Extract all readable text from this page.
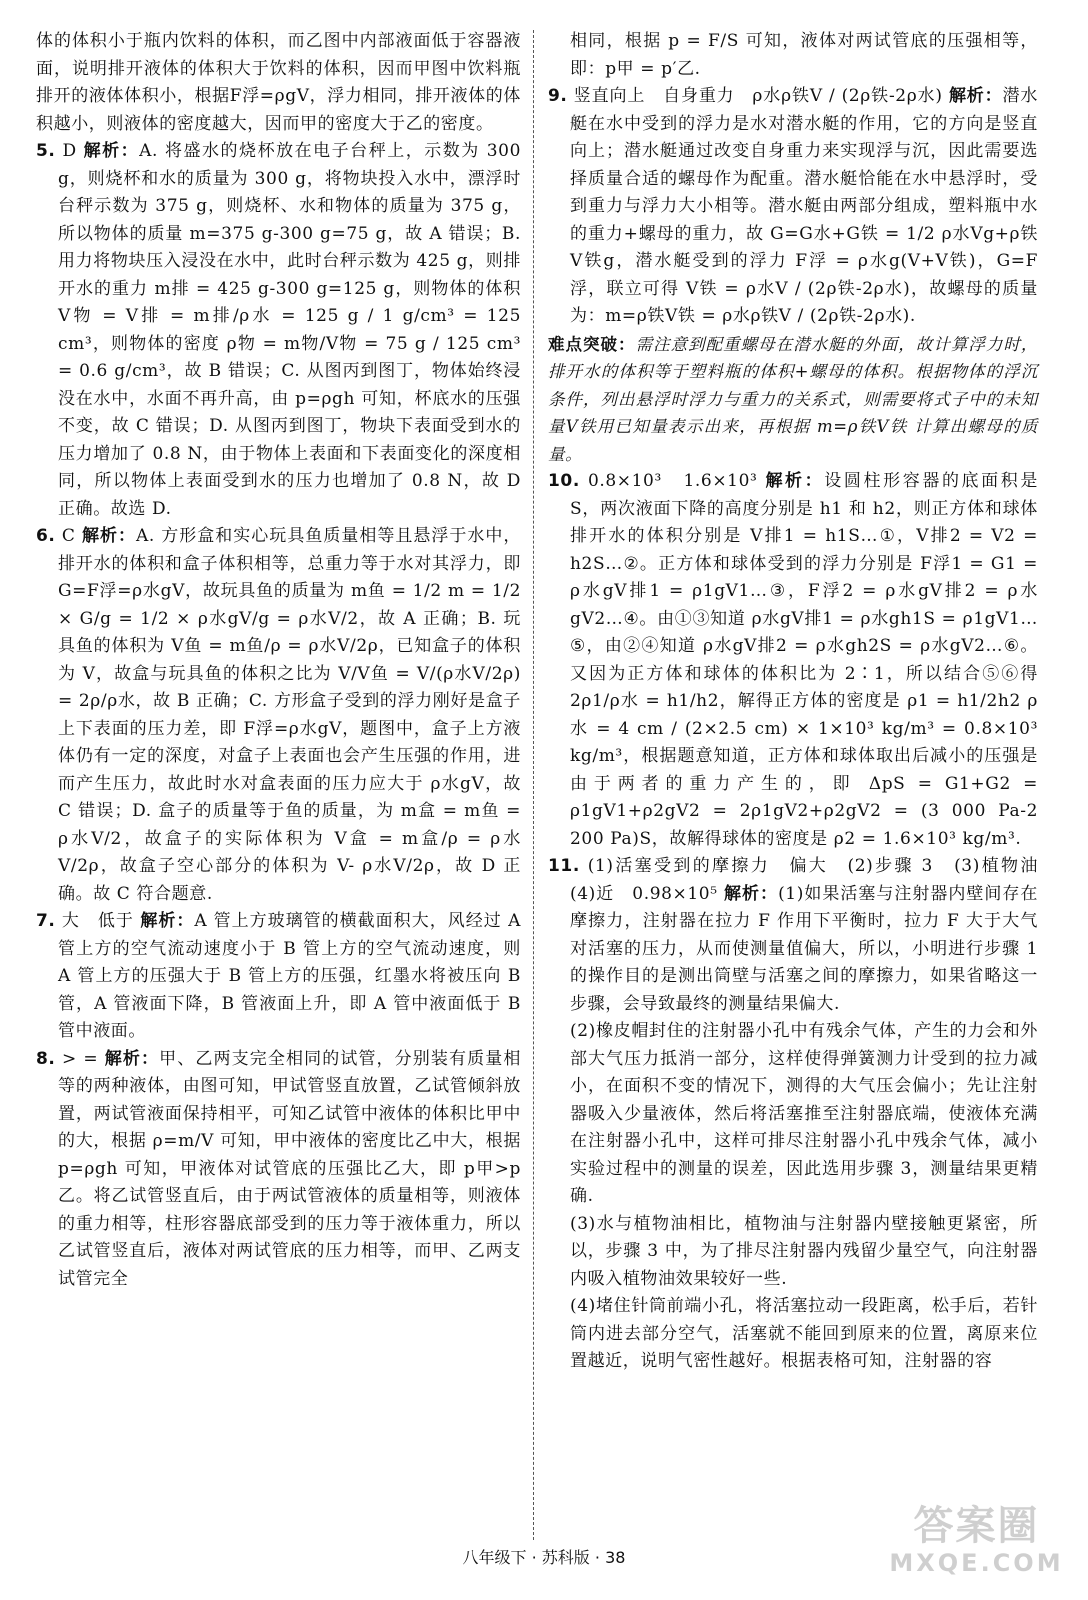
体的体积小于瓶内饮料的体积，而乙图中内部液面低于容器液面，说明排开液体的体积大于饮料的体积，因而甲图中饮料瓶排开的液体体积小，根据F浮=ρgV，浮力相同，排开液体的体积越小，则液体的密度越大，因而甲的密度大于乙的密度。

5. D 解析：A. 将盛水的烧杯放在电子台秤上，示数为 300 g，则烧杯和水的质量为 300 g，将物块投入水中，漂浮时台秤示数为 375 g，则烧杯、水和物体的质量为 375 g，所以物体的质量 m=375 g-300 g=75 g，故 A 错误；B. 用力将物块压入浸没在水中，此时台秤示数为 425 g，则排开水的重力 m排 = 425 g-300 g=125 g，则物体的体积 V物 = V排 = m排/ρ水 = 125 g / 1 g/cm³ = 125 cm³，则物体的密度 ρ物 = m物/V物 = 75 g / 125 cm³ = 0.6 g/cm³，故 B 错误；C. 从图丙到图丁，物体始终浸没在水中，水面不再升高，由 p=ρgh 可知，杯底水的压强不变，故 C 错误；D. 从图丙到图丁，物块下表面受到水的压力增加了 0.8 N，由于物体上表面和下表面变化的深度相同，所以物体上表面受到水的压力也增加了 0.8 N，故 D 正确。故选 D.

6. C 解析：A. 方形盒和实心玩具鱼质量相等且悬浮于水中，排开水的体积和盒子体积相等，总重力等于水对其浮力，即 G=F浮=ρ水gV，故玩具鱼的质量为 m鱼 = 1/2 m = 1/2 × G/g = 1/2 × ρ水gV/g = ρ水V/2，故 A 正确；B. 玩具鱼的体积为 V鱼 = m鱼/ρ = ρ水V/2ρ，已知盒子的体积为 V，故盒与玩具鱼的体积之比为 V/V鱼 = V/(ρ水V/2ρ) = 2ρ/ρ水，故 B 正确；C. 方形盒子受到的浮力刚好是盒子上下表面的压力差，即 F浮=ρ水gV，题图中，盒子上方液体仍有一定的深度，对盒子上表面也会产生压强的作用，进而产生压力，故此时水对盒表面的压力应大于 ρ水gV，故 C 错误；D. 盒子的质量等于鱼的质量，为 m盒 = m鱼 = ρ水V/2，故盒子的实际体积为 V盒 = m盒/ρ = ρ水V/2ρ，故盒子空心部分的体积为 V- ρ水V/2ρ，故 D 正确。故 C 符合题意.

7. 大　低于 解析：A 管上方玻璃管的横截面积大，风经过 A 管上方的空气流动速度小于 B 管上方的空气流动速度，则 A 管上方的压强大于 B 管上方的压强，红墨水将被压向 B 管，A 管液面下降，B 管液面上升，即 A 管中液面低于 B 管中液面。

8. > = 解析：甲、乙两支完全相同的试管，分别装有质量相等的两种液体，由图可知，甲试管竖直放置，乙试管倾斜放置，两试管液面保持相平，可知乙试管中液体的体积比甲中的大，根据 ρ=m/V 可知，甲中液体的密度比乙中大，根据 p=ρgh 可知，甲液体对试管底的压强比乙大，即 p甲>p乙。将乙试管竖直后，由于两试管液体的质量相等，则液体的重力相等，柱形容器底部受到的压力等于液体重力，所以乙试管竖直后，液体对两试管底的压力相等，而甲、乙两支试管完全

相同，根据 p = F/S 可知，液体对两试管底的压强相等，即：p甲 = p′乙.

9. 竖直向上　自身重力　ρ水ρ铁V / (2ρ铁-2ρ水) 解析：潜水艇在水中受到的浮力是水对潜水艇的作用，它的方向是竖直向上；潜水艇通过改变自身重力来实现浮与沉，因此需要选择质量合适的螺母作为配重。潜水艇恰能在水中悬浮时，受到重力与浮力大小相等。潜水艇由两部分组成，塑料瓶中水的重力+螺母的重力，故 G=G水+G铁 = 1/2 ρ水Vg+ρ铁V铁g，潜水艇受到的浮力 F浮 = ρ水g(V+V铁)，G=F浮，联立可得 V铁 = ρ水V / (2ρ铁-2ρ水)，故螺母的质量为：m=ρ铁V铁 = ρ水ρ铁V / (2ρ铁-2ρ水).

难点突破：需注意到配重螺母在潜水艇的外面，故计算浮力时，排开水的体积等于塑料瓶的体积+螺母的体积。根据物体的浮沉条件，列出悬浮时浮力与重力的关系式，则需要将式子中的未知量V铁用已知量表示出来，再根据 m=ρ铁V铁 计算出螺母的质量。

10. 0.8×10³　1.6×10³ 解析：设圆柱形容器的底面积是 S，两次液面下降的高度分别是 h1 和 h2，则正方体和球体排开水的体积分别是 V排1 = h1S…①，V排2 = V2 = h2S…②。正方体和球体受到的浮力分别是 F浮1 = G1 = ρ水gV排1 = ρ1gV1…③，F浮2 = ρ水gV排2 = ρ水gV2…④。由①③知道 ρ水gV排1 = ρ水gh1S = ρ1gV1…⑤，由②④知道 ρ水gV排2 = ρ水gh2S = ρ水gV2…⑥。又因为正方体和球体的体积比为 2∶1，所以结合⑤⑥得 2ρ1/ρ水 = h1/h2，解得正方体的密度是 ρ1 = h1/2h2 ρ水 = 4 cm / (2×2.5 cm) × 1×10³ kg/m³ = 0.8×10³ kg/m³，根据题意知道，正方体和球体取出后减小的压强是由于两者的重力产生的，即 ΔpS = G1+G2 = ρ1gV1+ρ2gV2 = 2ρ1gV2+ρ2gV2 = (3 000 Pa-2 200 Pa)S，故解得球体的密度是 ρ2 = 1.6×10³ kg/m³.

11. (1)活塞受到的摩擦力　偏大　(2)步骤 3　(3)植物油　(4)近　0.98×10⁵ 解析：(1)如果活塞与注射器内壁间存在摩擦力，注射器在拉力 F 作用下平衡时，拉力 F 大于大气对活塞的压力，从而使测量值偏大，所以，小明进行步骤 1 的操作目的是测出筒壁与活塞之间的摩擦力，如果省略这一步骤，会导致最终的测量结果偏大.

(2)橡皮帽封住的注射器小孔中有残余气体，产生的力会和外部大气压力抵消一部分，这样使得弹簧测力计受到的拉力减小，在面积不变的情况下，测得的大气压会偏小；先让注射器吸入少量液体，然后将活塞推至注射器底端，使液体充满在注射器小孔中，这样可排尽注射器小孔中残余气体，减小实验过程中的测量的误差，因此选用步骤 3，测量结果更精确.

(3)水与植物油相比，植物油与注射器内壁接触更紧密，所以，步骤 3 中，为了排尽注射器内残留少量空气，向注射器内吸入植物油效果较好一些.

(4)堵住针筒前端小孔，将活塞拉动一段距离，松手后，若针筒内进去部分空气，活塞就不能回到原来的位置，离原来位置越近，说明气密性越好。根据表格可知，注射器的容

八年级下 · 苏科版 · 38
答案圈
MXQE.COM
